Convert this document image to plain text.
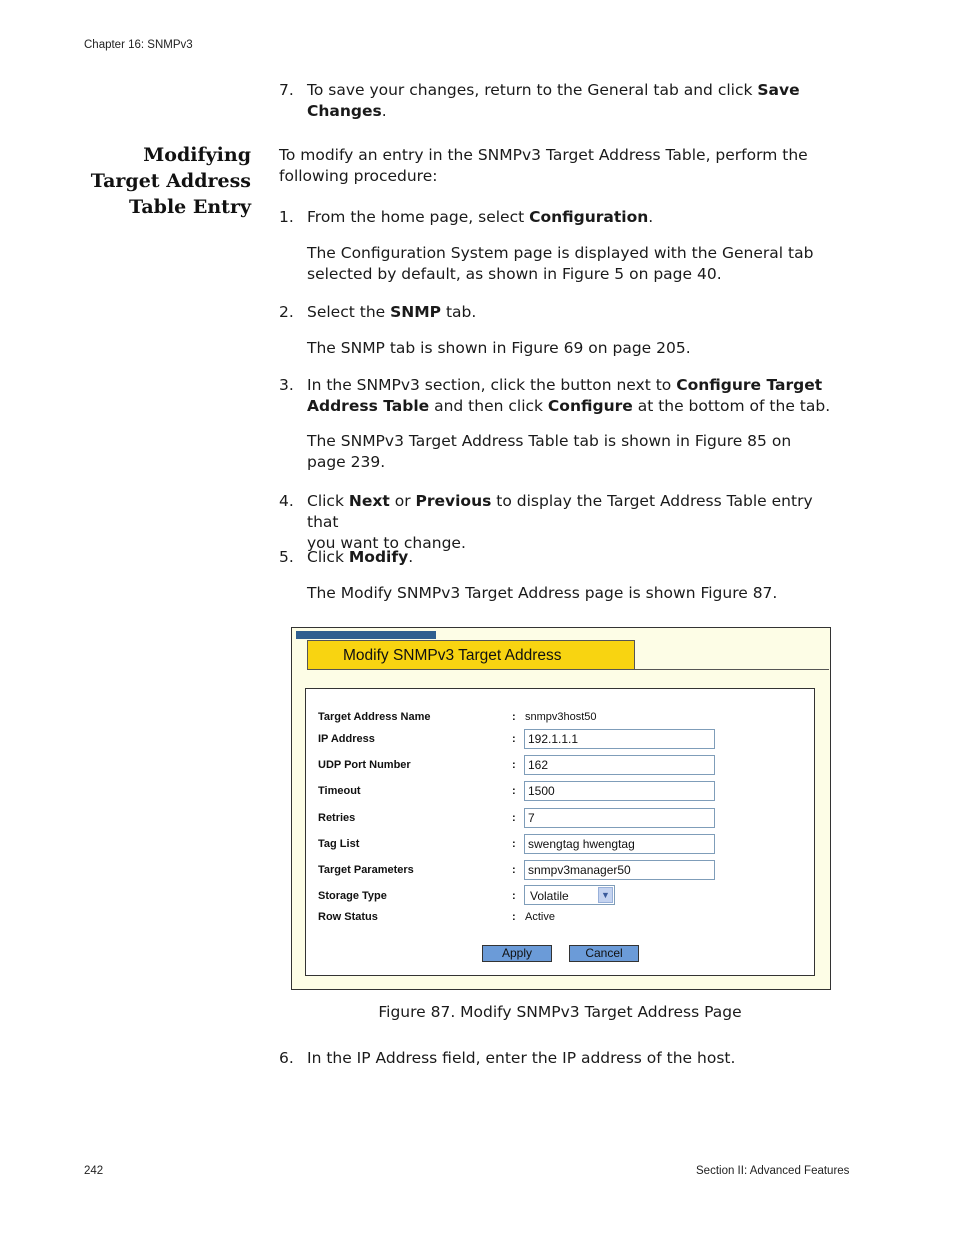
Chapter 16: SNMPv3
242	Section II: Advanced Features
7. To save your changes, return to the General tab and click Save
Changes.
Modifying
Target Address
Table Entry
To modify an entry in the SNMPv3 Target Address Table, perform the
following procedure:
1. From the home page, select Configuration.
The Configuration System page is displayed with the General tab
selected by default, as shown in Figure 5 on page 40.
2. Select the SNMP tab.
The SNMP tab is shown in Figure 69 on page 205.
3. In the SNMPv3 section, click the button next to Configure Target
Address Table and then click Configure at the bottom of the tab.
The SNMPv3 Target Address Table tab is shown in Figure 85 on
page 239.
4. Click Next or Previous to display the Target Address Table entry that
you want to change.
5. Click Modify.
The Modify SNMPv3 Target Address page is shown Figure 87.
Modify SNMPv3 Target Address
Target Address Name	: snmpv3host50
IP Address	:	192.1.1.1
UDP Port Number	:	162
Timeout	:	1500
Retries	:	7
Tag List	:	swengtag hwengtag
Target Parameters	:	snmpv3manager50
Storage Type	: Volatile	▼
Row Status	: Active
Apply	Cancel
Figure 87. Modify SNMPv3 Target Address Page
6. In the IP Address field, enter the IP address of the host.
